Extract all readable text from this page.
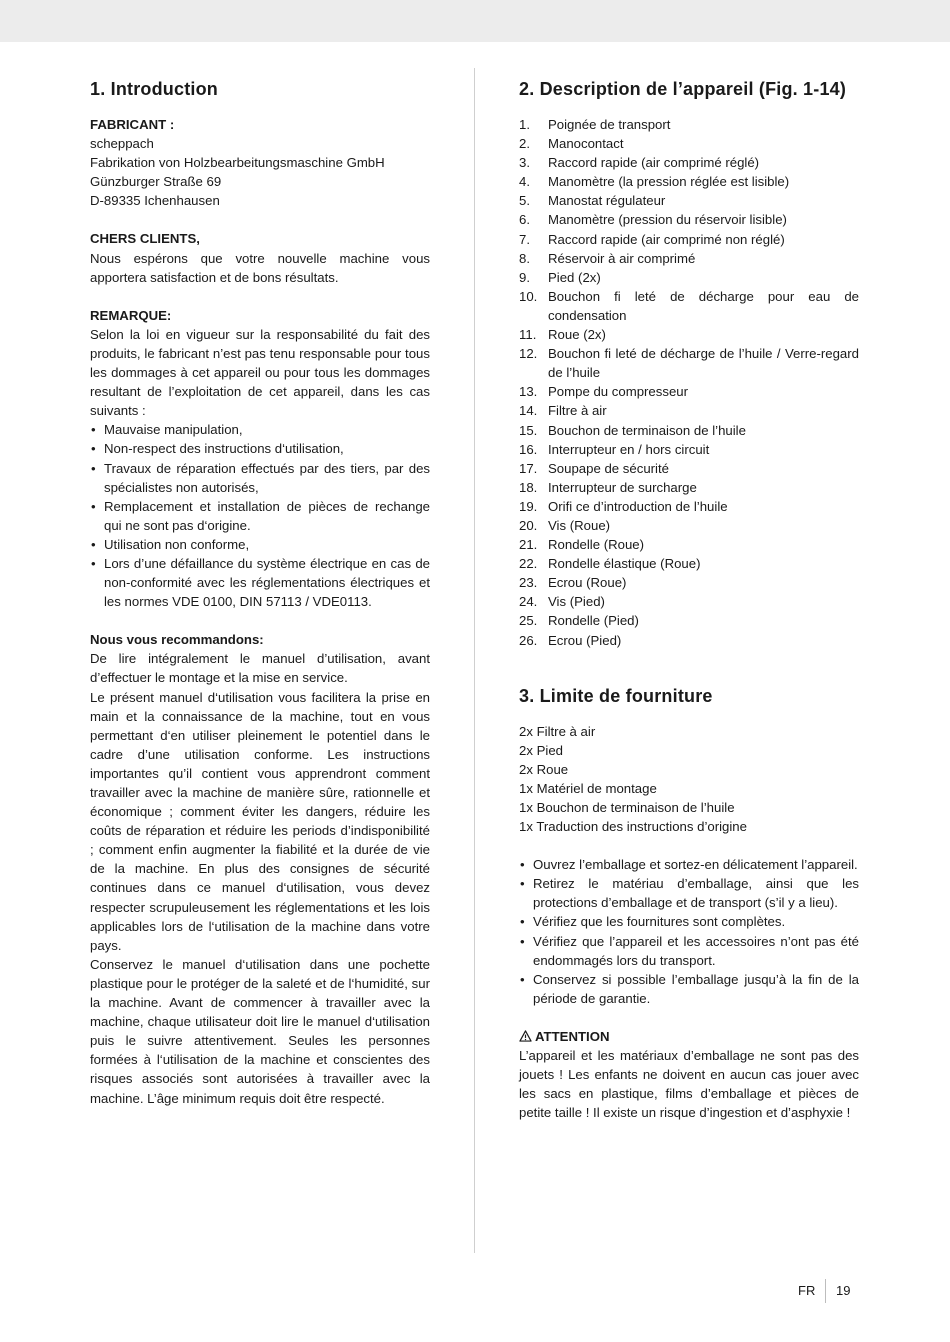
1. Introduction
FABRICANT :
scheppach
Fabrikation von Holzbearbeitungsmaschine GmbH
Günzburger Straße 69
D-89335 Ichenhausen
CHERS CLIENTS,

Nous espérons que votre nouvelle machine vous apportera satisfaction et de bons résultats.

REMARQUE:

Selon la loi en vigueur sur la responsabilité du fait des produits, le fabricant n’est pas tenu responsable pour tous les dommages à cet appareil ou pour tous les dommages resultant de l’exploitation de cet appareil, dans les cas suivants :

• Mauvaise manipulation,
• Non-respect des instructions d‘utilisation,
• Travaux de réparation effectués par des tiers, par des spécialistes non autorisés,
• Remplacement et installation de pièces de rechange qui ne sont pas d‘origine.
• Utilisation non conforme,
• Lors d’une défaillance du système électrique en cas de non-conformité avec les réglementations électriques et les normes VDE 0100, DIN 57113 / VDE0113.
Nous vous recommandons:

De lire intégralement le manuel d’utilisation, avant d’effectuer le montage et la mise en service.

Le présent manuel d‘utilisation vous facilitera la prise en main et la connaissance de la machine, tout en vous permettant d‘en utiliser pleinement le potentiel dans le cadre d’une utilisation conforme. Les instructions importantes qu’il contient vous apprendront comment travailler avec la machine de manière sûre, rationnelle et économique ; comment éviter les dangers, réduire les coûts de réparation et réduire les periods d’indisponibilité ; comment enfin augmenter la fiabilité et la durée de vie de la machine. En plus des consignes de sécurité continues dans ce manuel d‘utilisation, vous devez respecter scrupuleusement les réglementations et les lois applicables lors de l‘utilisation de la machine dans votre pays.

Conservez le manuel d‘utilisation dans une pochette plastique pour le protéger de la saleté et de l‘humidité, sur la machine. Avant de commencer à travailler avec la machine, chaque utilisateur doit lire le manuel d‘utilisation puis le suivre attentivement. Seules les personnes formées à l‘utilisation de la machine et conscientes des risques associés sont autorisées à travailler avec la machine. L’âge minimum requis doit être respecté.

2. Description de l’appareil (Fig. 1-14)
1. Poignée de transport
2. Manocontact
3. Raccord rapide (air comprimé réglé)
4. Manomètre (la pression réglée est lisible)
5. Manostat régulateur
6. Manomètre (pression du réservoir lisible)
7. Raccord rapide (air comprimé non réglé)
8. Réservoir à air comprimé
9. Pied (2x)
10. Bouchon fi leté de décharge pour eau de condensation
11. Roue (2x)
12. Bouchon fi leté de décharge de l’huile / Verre-regard de l’huile
13. Pompe du compresseur
14. Filtre à air
15. Bouchon de terminaison de l’huile
16. Interrupteur en / hors circuit
17. Soupape de sécurité
18. Interrupteur de surcharge
19. Orifi ce d’introduction de l’huile
20. Vis (Roue)
21. Rondelle (Roue)
22. Rondelle élastique (Roue)
23. Ecrou (Roue)
24. Vis (Pied)
25. Rondelle (Pied)
26. Ecrou (Pied)
3. Limite de fourniture
2x Filtre à air
2x Pied
2x Roue
1x Matériel de montage
1x Bouchon de terminaison de l’huile
1x Traduction des instructions d’origine
• Ouvrez l’emballage et sortez-en délicatement l’appareil.
• Retirez le matériau d’emballage, ainsi que les protections d’emballage et de transport (s’il y a lieu).
• Vérifiez que les fournitures sont complètes.
• Vérifiez que l’appareil et les accessoires n’ont pas été endommagés lors du transport.
• Conservez si possible l’emballage jusqu’à la fin de la période de garantie.
ATTENTION

L’appareil et les matériaux d’emballage ne sont pas des jouets ! Les enfants ne doivent en aucun cas jouer avec les sacs en plastique, films d’emballage et pièces de petite taille ! Il existe un risque d’ingestion et d’asphyxie !

FR 19
